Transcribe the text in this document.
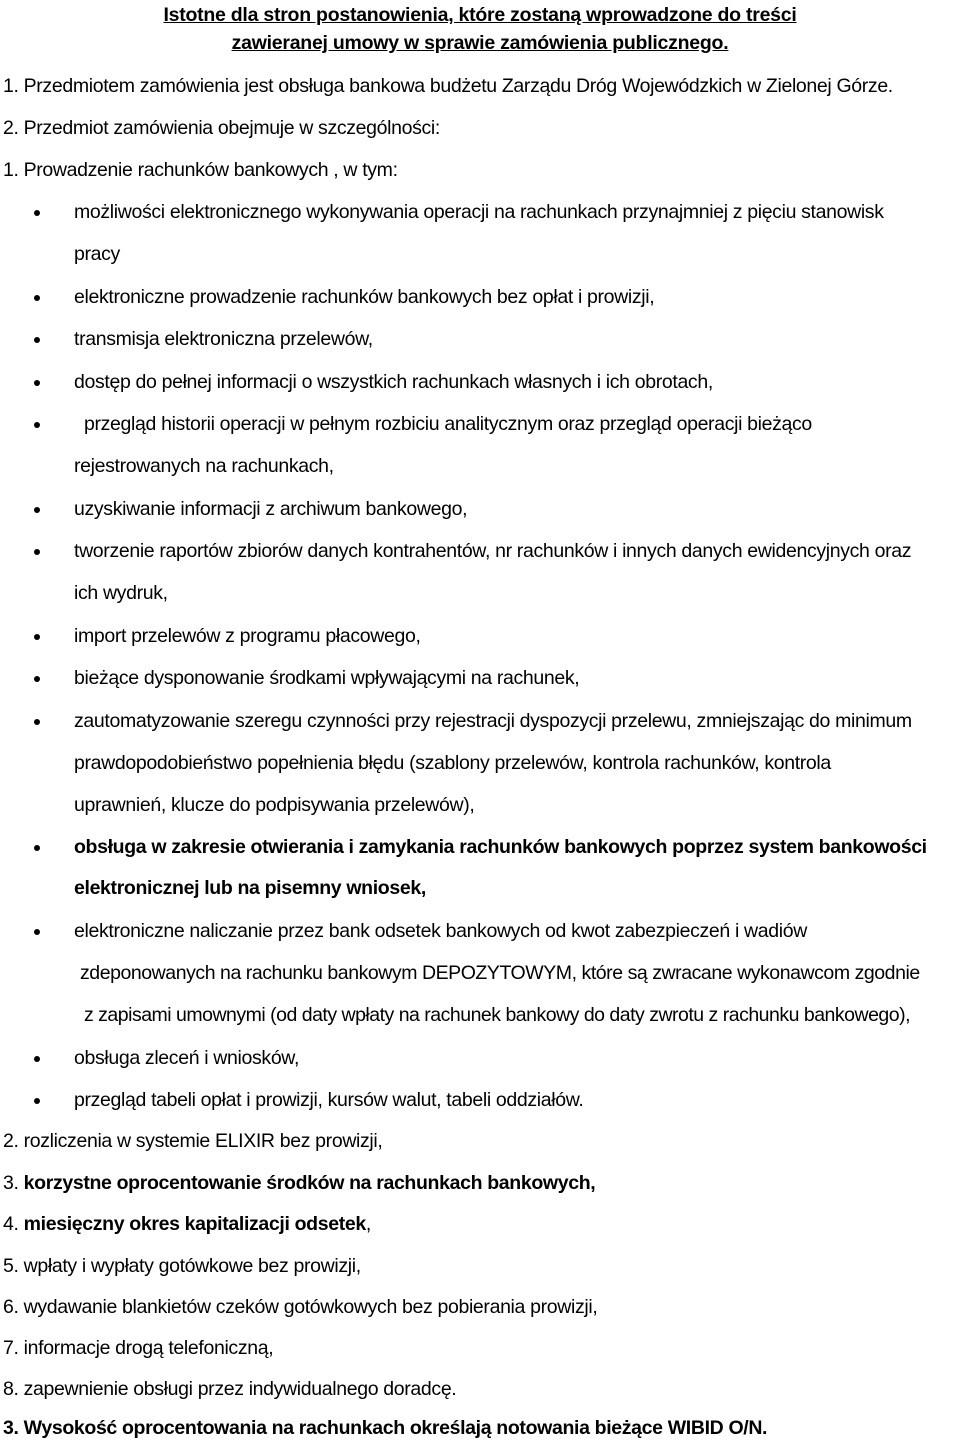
Istotne dla stron postanowienia, które zostaną wprowadzone do treści
zawieranej umowy w sprawie zamówienia publicznego.
1. Przedmiotem zamówienia jest obsługa bankowa budżetu Zarządu Dróg Wojewódzkich w Zielonej Górze.
2. Przedmiot zamówienia obejmuje w szczególności:
1. Prowadzenie rachunków bankowych , w tym:
możliwości elektronicznego wykonywania operacji na rachunkach przynajmniej z pięciu stanowisk
pracy
elektroniczne prowadzenie rachunków bankowych bez opłat i prowizji,
transmisja elektroniczna przelewów,
dostęp do pełnej informacji o wszystkich rachunkach własnych i ich obrotach,
przegląd historii operacji w pełnym rozbiciu analitycznym oraz przegląd operacji bieżąco
rejestrowanych na rachunkach,
uzyskiwanie informacji z archiwum bankowego,
tworzenie raportów zbiorów danych kontrahentów, nr rachunków i innych danych ewidencyjnych oraz
ich wydruk,
import przelewów z programu płacowego,
bieżące dysponowanie środkami wpływającymi na rachunek,
zautomatyzowanie szeregu czynności przy rejestracji dyspozycji przelewu, zmniejszając do minimum
prawdopodobieństwo popełnienia błędu (szablony przelewów, kontrola rachunków, kontrola
uprawnień, klucze do podpisywania przelewów),
obsługa w zakresie otwierania i zamykania rachunków bankowych poprzez system bankowości
elektronicznej lub na pisemny wniosek,
elektroniczne naliczanie przez bank odsetek bankowych od kwot zabezpieczeń i wadiów
zdeponowanych na rachunku bankowym DEPOZYTOWYM, które są zwracane wykonawcom zgodnie
z zapisami umownymi (od daty wpłaty na rachunek bankowy do daty zwrotu z rachunku bankowego),
obsługa zleceń i wniosków,
przegląd tabeli opłat i prowizji, kursów walut, tabeli oddziałów.
2. rozliczenia w systemie ELIXIR bez prowizji,
3. korzystne oprocentowanie środków na rachunkach bankowych,
4. miesięczny okres kapitalizacji odsetek,
5. wpłaty i wypłaty gotówkowe bez prowizji,
6. wydawanie blankietów czeków gotówkowych bez pobierania prowizji,
7. informacje drogą telefoniczną,
8. zapewnienie obsługi przez indywidualnego doradcę.
3. Wysokość oprocentowania na rachunkach określają notowania bieżące WIBID O/N.
